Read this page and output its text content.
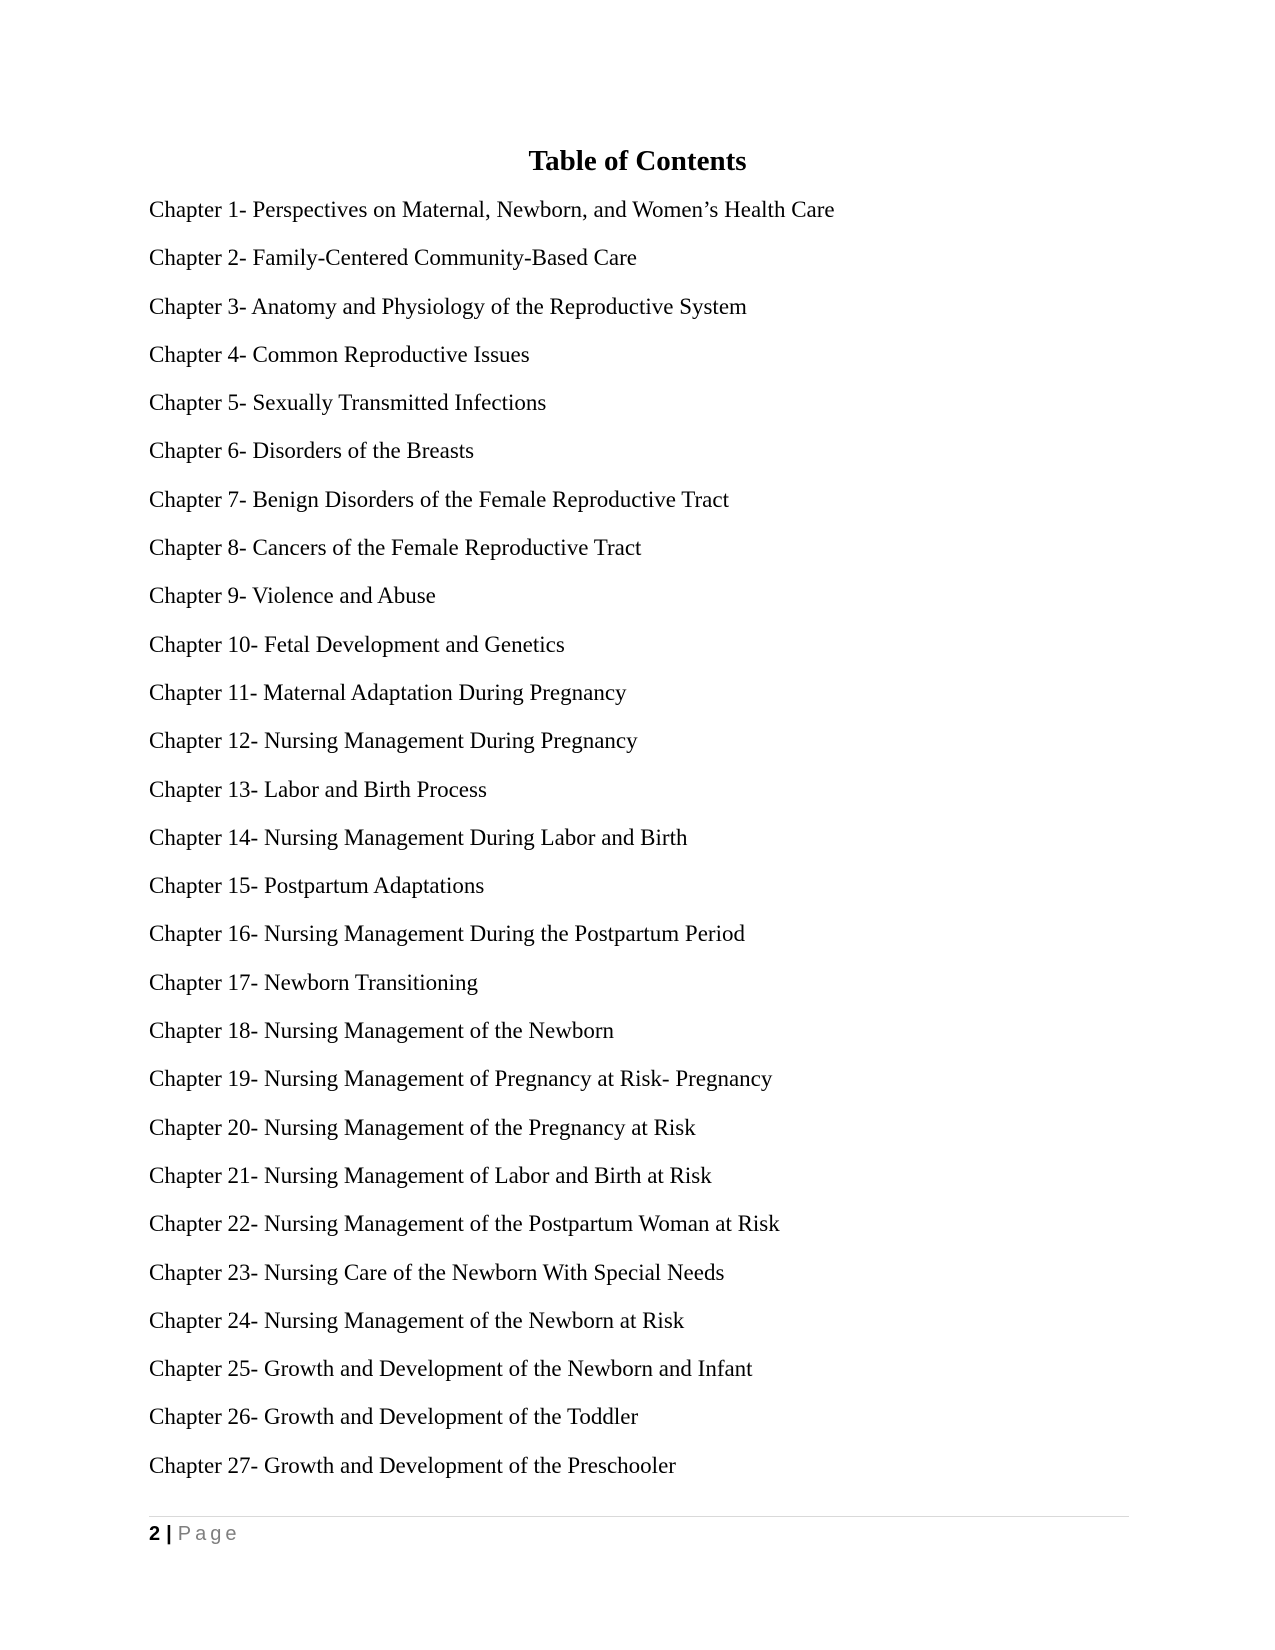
Table of Contents
Chapter 1- Perspectives on Maternal, Newborn, and Women’s Health Care
Chapter 2- Family-Centered Community-Based Care
Chapter 3- Anatomy and Physiology of the Reproductive System
Chapter 4- Common Reproductive Issues
Chapter 5- Sexually Transmitted Infections
Chapter 6- Disorders of the Breasts
Chapter 7- Benign Disorders of the Female Reproductive Tract
Chapter 8- Cancers of the Female Reproductive Tract
Chapter 9- Violence and Abuse
Chapter 10- Fetal Development and Genetics
Chapter 11- Maternal Adaptation During Pregnancy
Chapter 12- Nursing Management During Pregnancy
Chapter 13- Labor and Birth Process
Chapter 14- Nursing Management During Labor and Birth
Chapter 15- Postpartum Adaptations
Chapter 16- Nursing Management During the Postpartum Period
Chapter 17- Newborn Transitioning
Chapter 18- Nursing Management of the Newborn
Chapter 19- Nursing Management of Pregnancy at Risk- Pregnancy
Chapter 20- Nursing Management of the Pregnancy at Risk
Chapter 21- Nursing Management of Labor and Birth at Risk
Chapter 22- Nursing Management of the Postpartum Woman at Risk
Chapter 23- Nursing Care of the Newborn With Special Needs
Chapter 24- Nursing Management of the Newborn at Risk
Chapter 25- Growth and Development of the Newborn and Infant
Chapter 26- Growth and Development of the Toddler
Chapter 27- Growth and Development of the Preschooler
2 | Page
